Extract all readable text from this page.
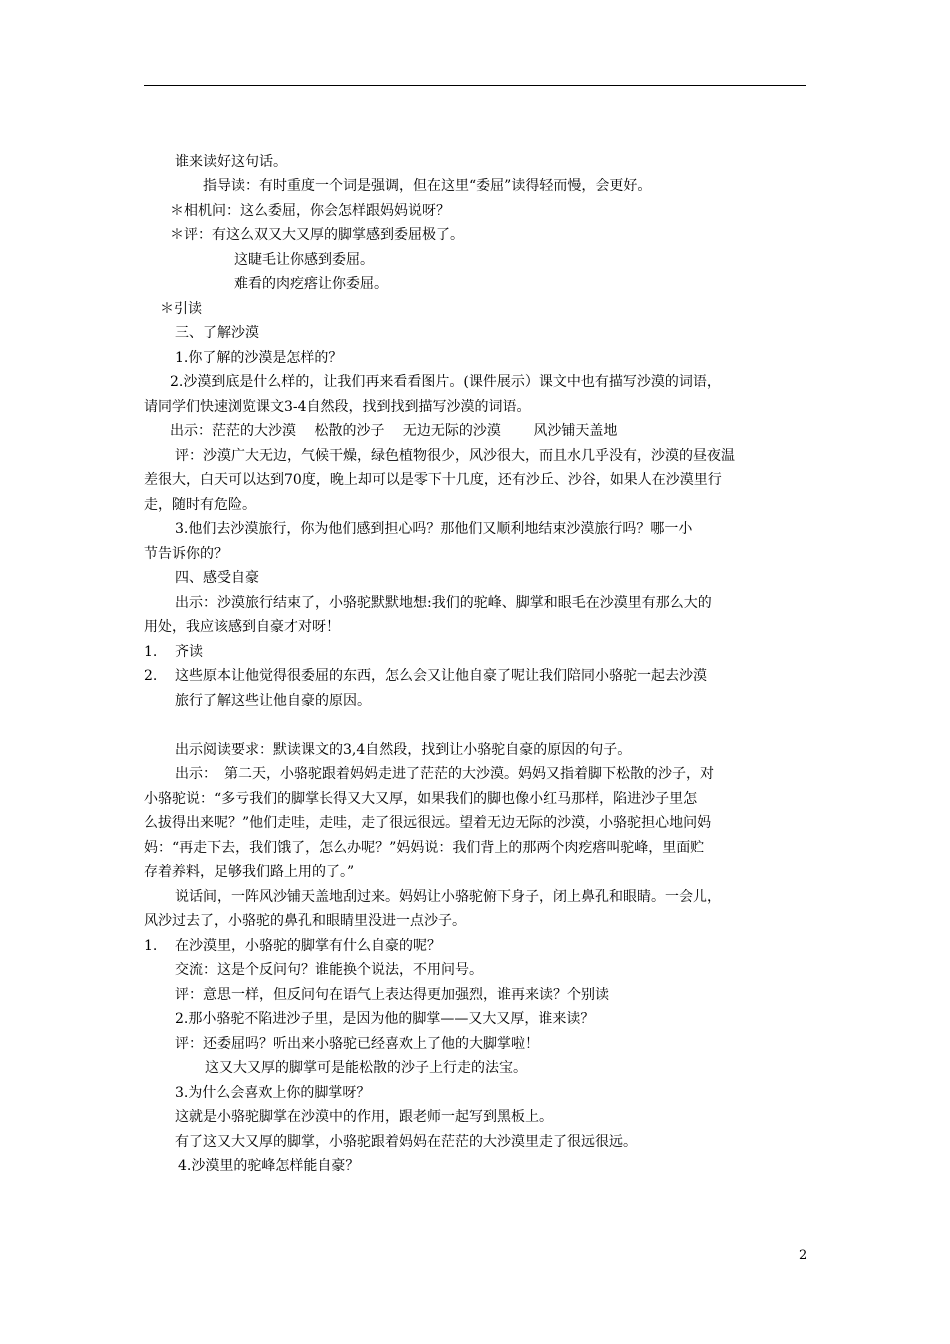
谁来读好这句话。
指导读：有时重度一个词是强调，但在这里“委屈”读得轻而慢，会更好。
＊相机问：这么委屈，你会怎样跟妈妈说呀？
＊评：有这么双又大又厚的脚掌感到委屈极了。
这睫毛让你感到委屈。
难看的肉疙瘩让你委屈。
＊引读
三、了解沙漠
1.你了解的沙漠是怎样的？
2.沙漠到底是什么样的，让我们再来看看图片。(课件展示）课文中也有描写沙漠的词语，
请同学们快速浏览课文3-4自然段，找到找到描写沙漠的词语。
出示：茫茫的大沙漠　 松散的沙子　 无边无际的沙漠　　 风沙铺天盖地
评：沙漠广大无边，气候干燥，绿色植物很少，风沙很大，而且水几乎没有，沙漠的昼夜温
差很大，白天可以达到70度，晚上却可以是零下十几度，还有沙丘、沙谷，如果人在沙漠里行
走，随时有危险。
3.他们去沙漠旅行，你为他们感到担心吗？那他们又顺利地结束沙漠旅行吗？哪一小
节告诉你的？
四、感受自豪
出示：沙漠旅行结束了，小骆驼默默地想:我们的驼峰、脚掌和眼毛在沙漠里有那么大的
用处，我应该感到自豪才对呀！
1. 齐读
2. 这些原本让他觉得很委屈的东西，怎么会又让他自豪了呢让我们陪同小骆驼一起去沙漠
旅行了解这些让他自豪的原因。
出示阅读要求：默读课文的3,4自然段，找到让小骆驼自豪的原因的句子。
出示：　第二天，小骆驼跟着妈妈走进了茫茫的大沙漠。妈妈又指着脚下松散的沙子，对
小骆驼说：“多亏我们的脚掌长得又大又厚，如果我们的脚也像小红马那样，陷进沙子里怎
么拔得出来呢？”他们走哇，走哇，走了很远很远。望着无边无际的沙漠，小骆驼担心地问妈
妈：“再走下去，我们饿了，怎么办呢？”妈妈说：我们背上的那两个肉疙瘩叫驼峰，里面贮
存着养料，足够我们路上用的了。”
说话间，一阵风沙铺天盖地刮过来。妈妈让小骆驼俯下身子，闭上鼻孔和眼睛。一会儿，
风沙过去了，小骆驼的鼻孔和眼睛里没进一点沙子。
1. 在沙漠里，小骆驼的脚掌有什么自豪的呢？
交流：这是个反问句？谁能换个说法，不用问号。
评：意思一样，但反问句在语气上表达得更加强烈，谁再来读？个别读
2.那小骆驼不陷进沙子里，是因为他的脚掌——又大又厚，谁来读？
评：还委屈吗？听出来小骆驼已经喜欢上了他的大脚掌啦！
这又大又厚的脚掌可是能松散的沙子上行走的法宝。
3.为什么会喜欢上你的脚掌呀？
这就是小骆驼脚掌在沙漠中的作用，跟老师一起写到黑板上。
有了这又大又厚的脚掌，小骆驼跟着妈妈在茫茫的大沙漠里走了很远很远。
4.沙漠里的驼峰怎样能自豪？
2
